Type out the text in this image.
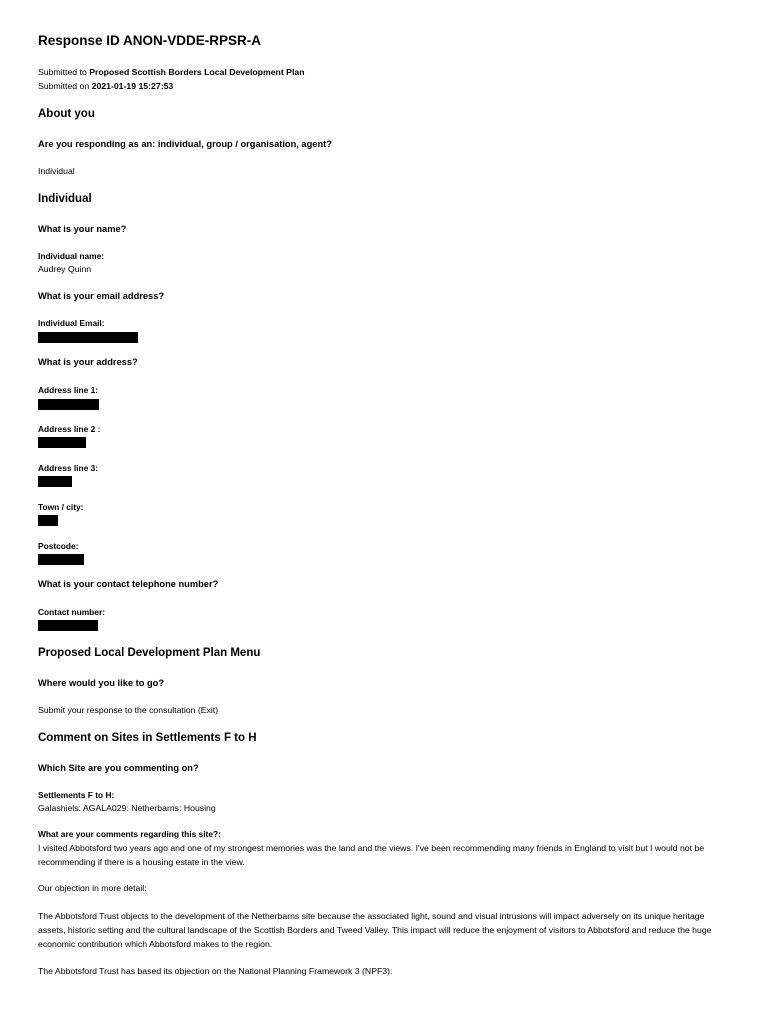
Response ID ANON-VDDE-RPSR-A
Submitted to Proposed Scottish Borders Local Development Plan
Submitted on 2021-01-19 15:27:53
About you
Are you responding as an: individual, group / organisation, agent?
Individual
Individual
What is your name?
Individual name:
Audrey Quinn
What is your email address?
Individual Email:
What is your address?
Address line 1:
Address line 2 :
Address line 3:
Town / city:
Postcode:
What is your contact telephone number?
Contact number:
Proposed Local Development Plan Menu
Where would you like to go?
Submit your response to the consultation (Exit)
Comment on Sites in Settlements F to H
Which Site are you commenting on?
Settlements F to H:
Galashiels: AGALA029: Netherbarns: Housing
What are your comments regarding this site?:
I visited Abbotsford two years ago and one of my strongest memories was the land and the views. I've been recommending many friends in England to visit but I would not be recommending if there is a housing estate in the view.
Our objection in more detail:
The Abbotsford Trust objects to the development of the Netherbarns site because the associated light, sound and visual intrusions will impact adversely on its unique heritage assets, historic setting and the cultural landscape of the Scottish Borders and Tweed Valley. This impact will reduce the enjoyment of visitors to Abbotsford and reduce the huge economic contribution which Abbotsford makes to the region.
The Abbotsford Trust has based its objection on the National Planning Framework 3 (NPF3):
